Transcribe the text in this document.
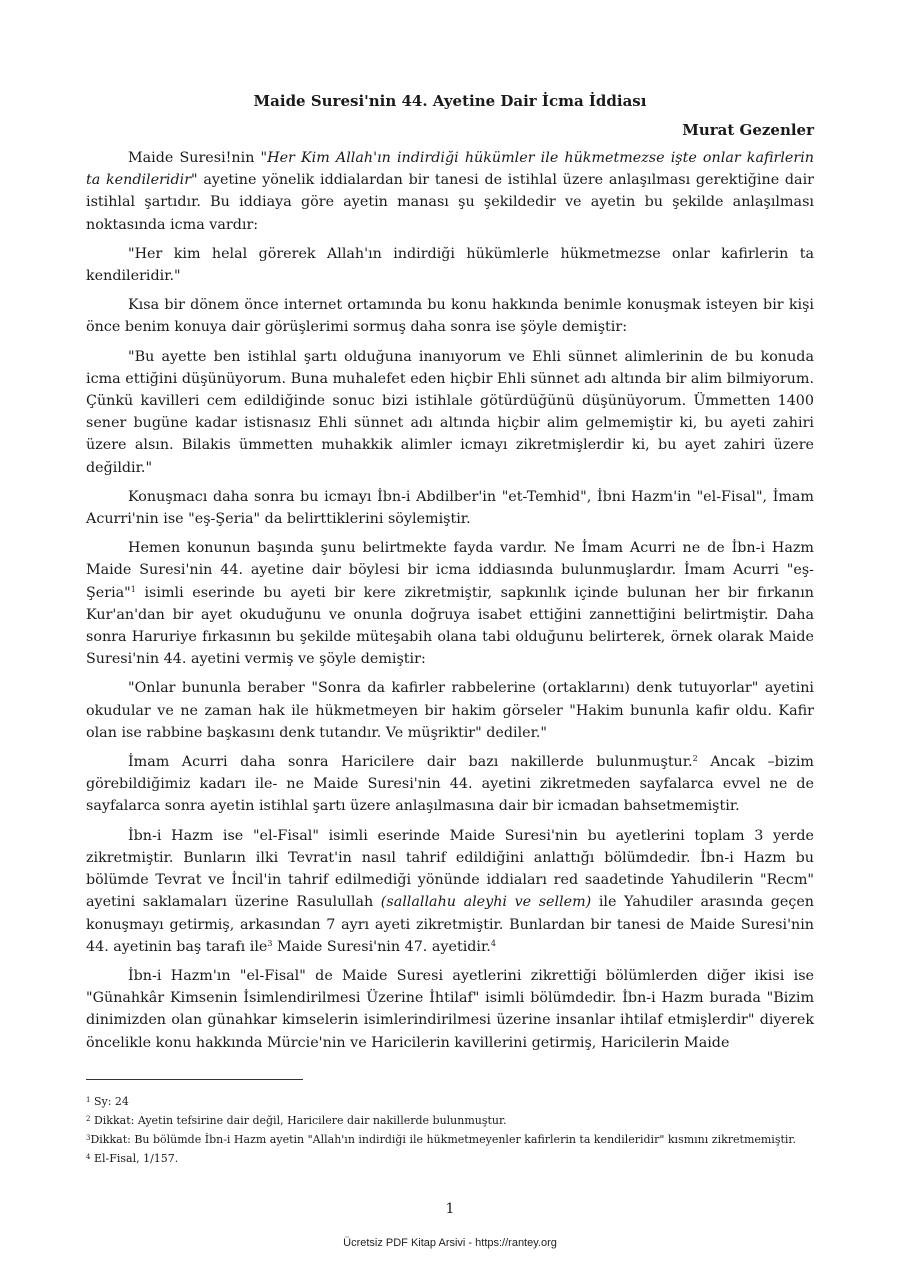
Maide Suresi'nin 44. Ayetine Dair İcma İddiası
Murat Gezenler

Maide Suresi!nin "Her Kim Allah'ın indirdiği hükümler ile hükmetmezse işte onlar kafirlerin ta kendileridir" ayetine yönelik iddialardan bir tanesi de istihlal üzere anlaşılması gerektiğine dair istihlal şartıdır. Bu iddiaya göre ayetin manası şu şekildedir ve ayetin bu şekilde anlaşılması noktasında icma vardır:

"Her kim helal görerek Allah'ın indirdiği hükümlerle hükmetmezse onlar kafirlerin ta kendileridir."

Kısa bir dönem önce internet ortamında bu konu hakkında benimle konuşmak isteyen bir kişi önce benim konuya dair görüşlerimi sormuş daha sonra ise şöyle demiştir:

"Bu ayette ben istihlal şartı olduğuna inanıyorum ve Ehli sünnet alimlerinin de bu konuda icma ettiğini düşünüyorum. Buna muhalefet eden hiçbir Ehli sünnet adı altında bir alim bilmiyorum. Çünkü kavilleri cem edildiğinde sonuc bizi istihlale götürdüğünü düşünüyorum. Ümmetten 1400 sener bugüne kadar istisnasız Ehli sünnet adı altında hiçbir alim gelmemiştir ki, bu ayeti zahiri üzere alsın. Bilakis ümmetten muhakkik alimler icmayı zikretmişlerdir ki, bu ayet zahiri üzere değildir."

Konuşmacı daha sonra bu icmayı İbn-i Abdilber'in "et-Temhid", İbni Hazm'in "el-Fisal", İmam Acurri'nin ise "eş-Şeria" da belirttiklerini söylemiştir.

Hemen konunun başında şunu belirtmekte fayda vardır. Ne İmam Acurri ne de İbn-i Hazm Maide Suresi'nin 44. ayetine dair böylesi bir icma iddiasında bulunmuşlardır. İmam Acurri "eş-Şeria"$^1$ isimli eserinde bu ayeti bir kere zikretmiştir, sapkınlık içinde bulunan her bir fırkanın Kur'an'dan bir ayet okuduğunu ve onunla doğruya isabet ettiğini zannettiğini belirtmiştir. Daha sonra Haruriye fırkasının bu şekilde müteşabih olana tabi olduğunu belirterek, örnek olarak Maide Suresi'nin 44. ayetini vermiş ve şöyle demiştir:

"Onlar bununla beraber "Sonra da kafirler rabbelerine (ortaklarını) denk tutuyorlar" ayetini okudular ve ne zaman hak ile hükmetmeyen bir hakim görseler "Hakim bununla kafir oldu. Kafir olan ise rabbine başkasını denk tutandır. Ve müşriktir" dediler."

İmam Acurri daha sonra Haricilere dair bazı nakillerde bulunmuştur.$^2$ Ancak –bizim görebildiğimiz kadarı ile- ne Maide Suresi'nin 44. ayetini zikretmeden sayfalarca evvel ne de sayfalarca sonra ayetin istihlal şartı üzere anlaşılmasına dair bir icmadan bahsetmemiştir.

İbn-i Hazm ise "el-Fisal" isimli eserinde Maide Suresi'nin bu ayetlerini toplam 3 yerde zikretmiştir. Bunların ilki Tevrat'in nasıl tahrif edildiğini anlattığı bölümdedir. İbn-i Hazm bu bölümde Tevrat ve İncil'in tahrif edilmediği yönünde iddiaları red saadetinde Yahudilerin "Recm" ayetini saklamaları üzerine Rasulullah (sallallahu aleyhi ve sellem) ile Yahudiler arasında geçen konuşmayı getirmiş, arkasından 7 ayrı ayeti zikretmiştir. Bunlardan bir tanesi de Maide Suresi'nin 44. ayetinin baş tarafı ile$^3$ Maide Suresi'nin 47. ayetidir.$^4$

İbn-i Hazm'ın "el-Fisal" de Maide Suresi ayetlerini zikrettiği bölümlerden diğer ikisi ise "Günahkâr Kimsenin İsimlendirilmesi Üzerine İhtilaf" isimli bölümdedir. İbn-i Hazm burada "Bizim dinimizden olan günahkar kimselerin isimlerindirilmesi üzerine insanlar ihtilaf etmişlerdir" diyerek öncelikle konu hakkında Mürcie'nin ve Haricilerin kavillerini getirmiş, Haricilerin Maide

$^1$ Sy: 24
$^2$ Dikkat: Ayetin tefsirine dair değil, Haricilere dair nakillerde bulunmuştur.
$^3$Dikkat: Bu bölümde İbn-i Hazm ayetin "Allah'ın indirdiği ile hükmetmeyenler kafirlerin ta kendileridir" kısmını zikretmemiştir.
$^4$ El-Fisal, 1/157.
1
Ücretsiz PDF Kitap Arsivi - https://rantey.org
